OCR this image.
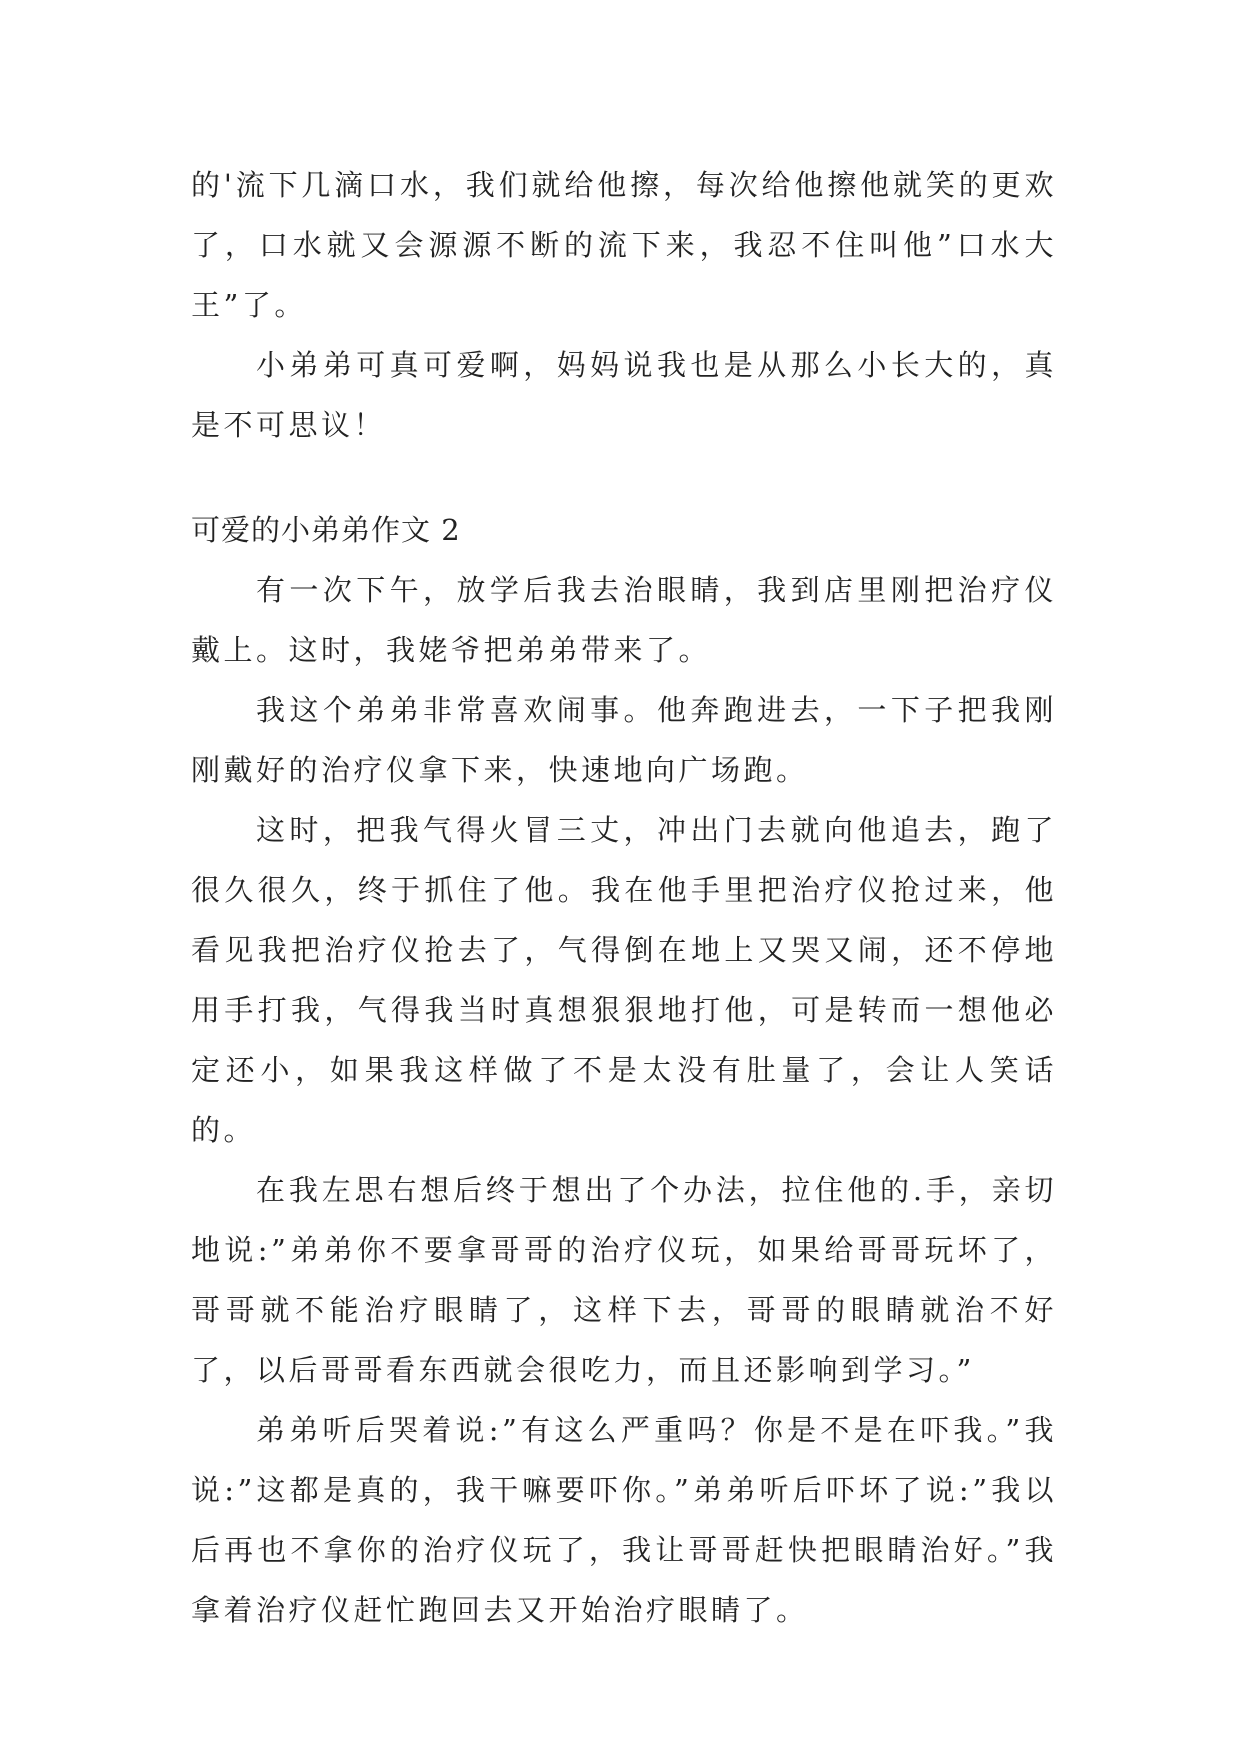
的'流下几滴口水，我们就给他擦，每次给他擦他就笑的更欢了，口水就又会源源不断的流下来，我忍不住叫他”口水大王”了。

小弟弟可真可爱啊，妈妈说我也是从那么小长大的，真是不可思议！

可爱的小弟弟作文 2

有一次下午，放学后我去治眼睛，我到店里刚把治疗仪戴上。这时，我姥爷把弟弟带来了。

我这个弟弟非常喜欢闹事。他奔跑进去，一下子把我刚刚戴好的治疗仪拿下来，快速地向广场跑。

这时，把我气得火冒三丈，冲出门去就向他追去，跑了很久很久，终于抓住了他。我在他手里把治疗仪抢过来，他看见我把治疗仪抢去了，气得倒在地上又哭又闹，还不停地用手打我，气得我当时真想狠狠地打他，可是转而一想他必定还小，如果我这样做了不是太没有肚量了，会让人笑话的。

在我左思右想后终于想出了个办法，拉住他的.手，亲切地说:”弟弟你不要拿哥哥的治疗仪玩，如果给哥哥玩坏了，哥哥就不能治疗眼睛了，这样下去，哥哥的眼睛就治不好了，以后哥哥看东西就会很吃力，而且还影响到学习。”

弟弟听后哭着说:”有这么严重吗？你是不是在吓我。”我说:”这都是真的，我干嘛要吓你。”弟弟听后吓坏了说:”我以后再也不拿你的治疗仪玩了，我让哥哥赶快把眼睛治好。”我拿着治疗仪赶忙跑回去又开始治疗眼睛了。
